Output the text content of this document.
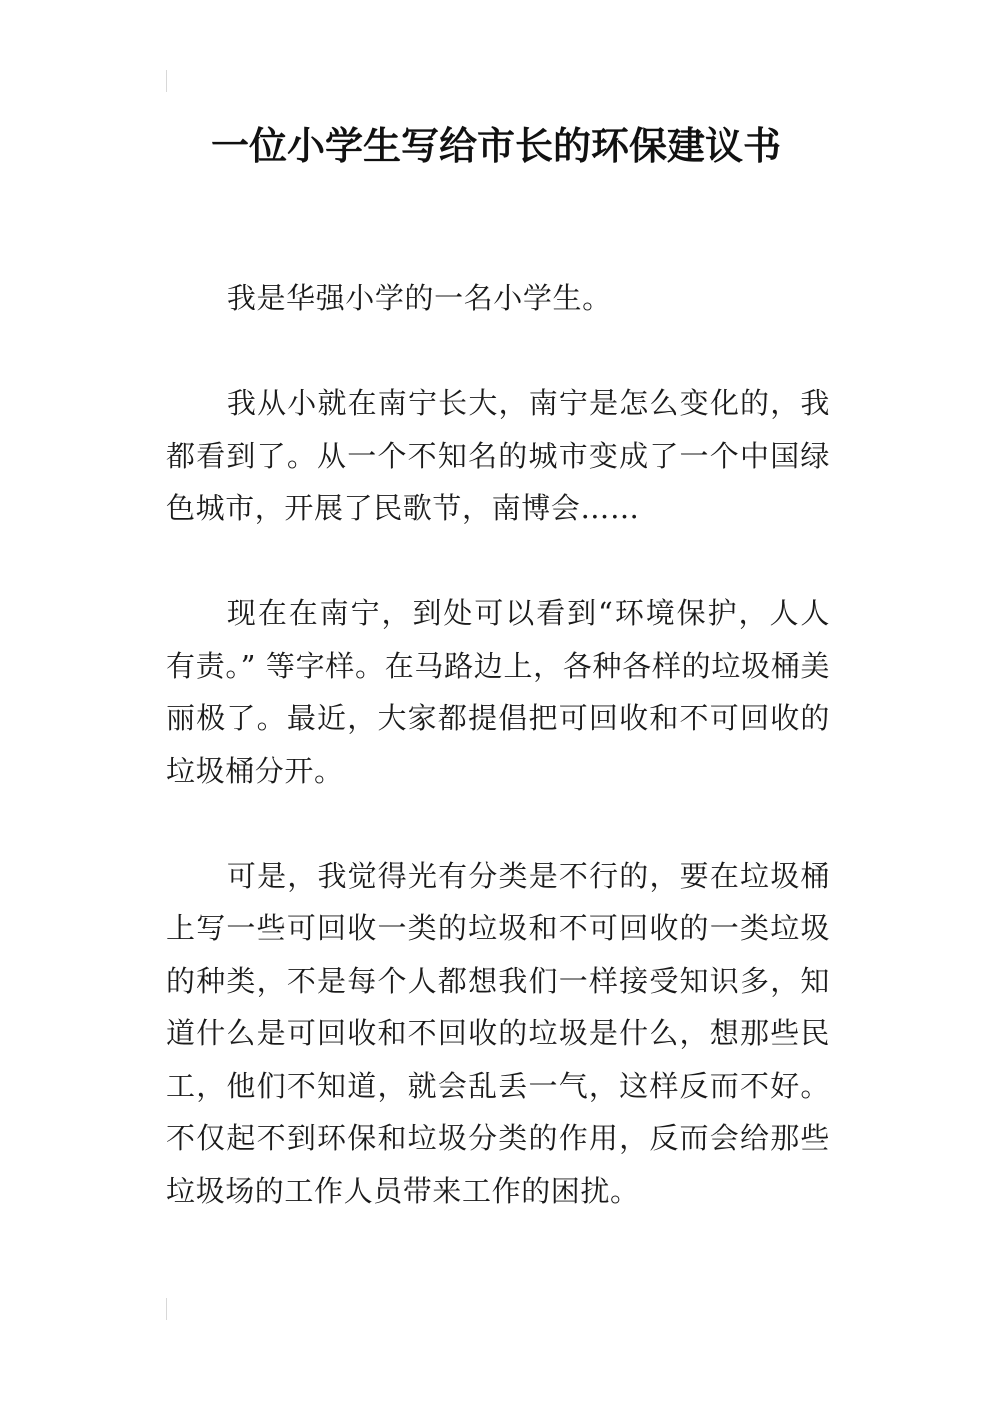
一位小学生写给市长的环保建议书

我是华强小学的一名小学生。

我从小就在南宁长大，南宁是怎么变化的，我都看到了。从一个不知名的城市变成了一个中国绿色城市，开展了民歌节，南博会……

现在在南宁，到处可以看到“环境保护，人人有责。” 等字样。在马路边上，各种各样的垃圾桶美丽极了。最近，大家都提倡把可回收和不可回收的垃圾桶分开。

可是，我觉得光有分类是不行的，要在垃圾桶上写一些可回收一类的垃圾和不可回收的一类垃圾的种类，不是每个人都想我们一样接受知识多，知道什么是可回收和不回收的垃圾是什么，想那些民工，他们不知道，就会乱丢一气，这样反而不好。不仅起不到环保和垃圾分类的作用，反而会给那些垃圾场的工作人员带来工作的困扰。
